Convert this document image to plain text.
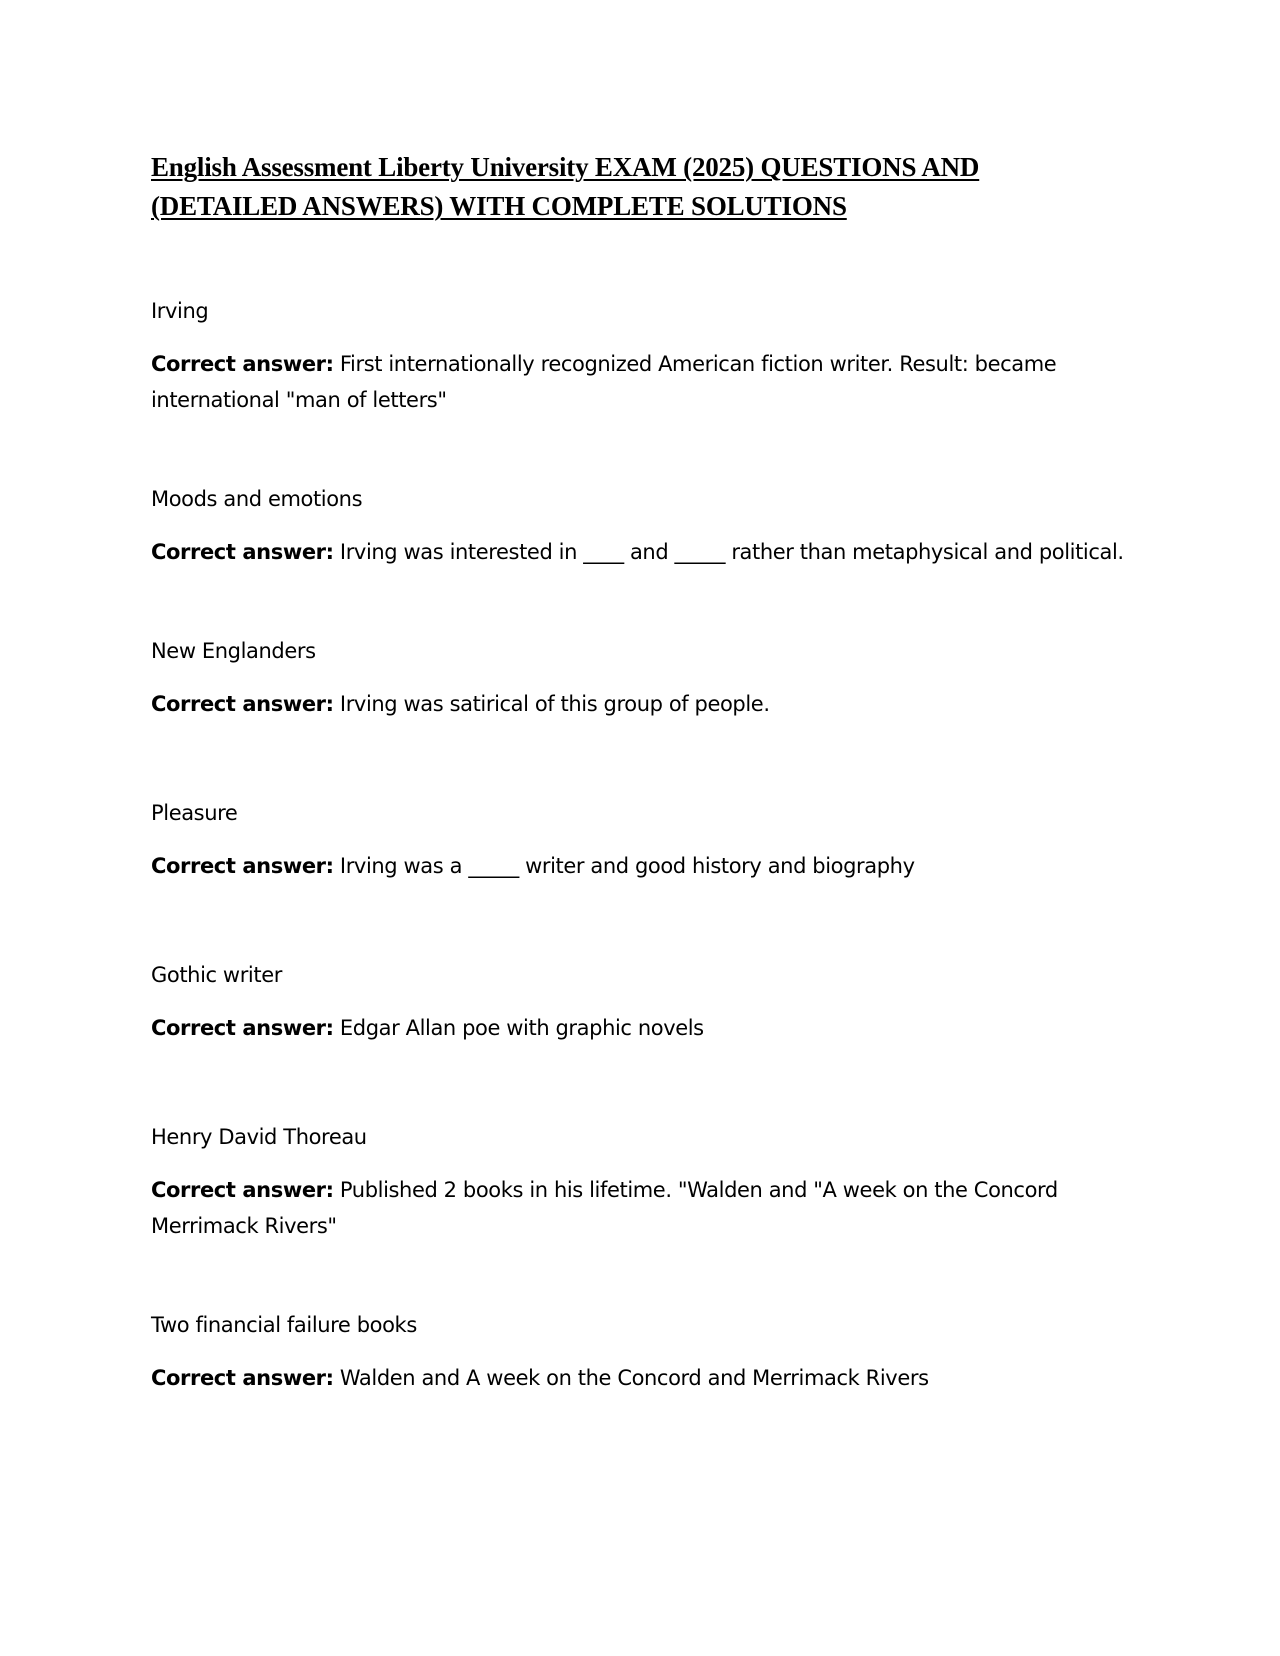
English Assessment Liberty University EXAM (2025) QUESTIONS AND
(DETAILED ANSWERS) WITH COMPLETE SOLUTIONS

Irving

Correct answer: First internationally recognized American fiction writer. Result: became international "man of letters"

Moods and emotions

Correct answer: Irving was interested in ____ and _____ rather than metaphysical and political.

New Englanders

Correct answer: Irving was satirical of this group of people.

Pleasure

Correct answer: Irving was a _____ writer and good history and biography

Gothic writer

Correct answer: Edgar Allan poe with graphic novels

Henry David Thoreau

Correct answer: Published 2 books in his lifetime. "Walden and "A week on the Concord Merrimack Rivers"

Two financial failure books

Correct answer: Walden and A week on the Concord and Merrimack Rivers
